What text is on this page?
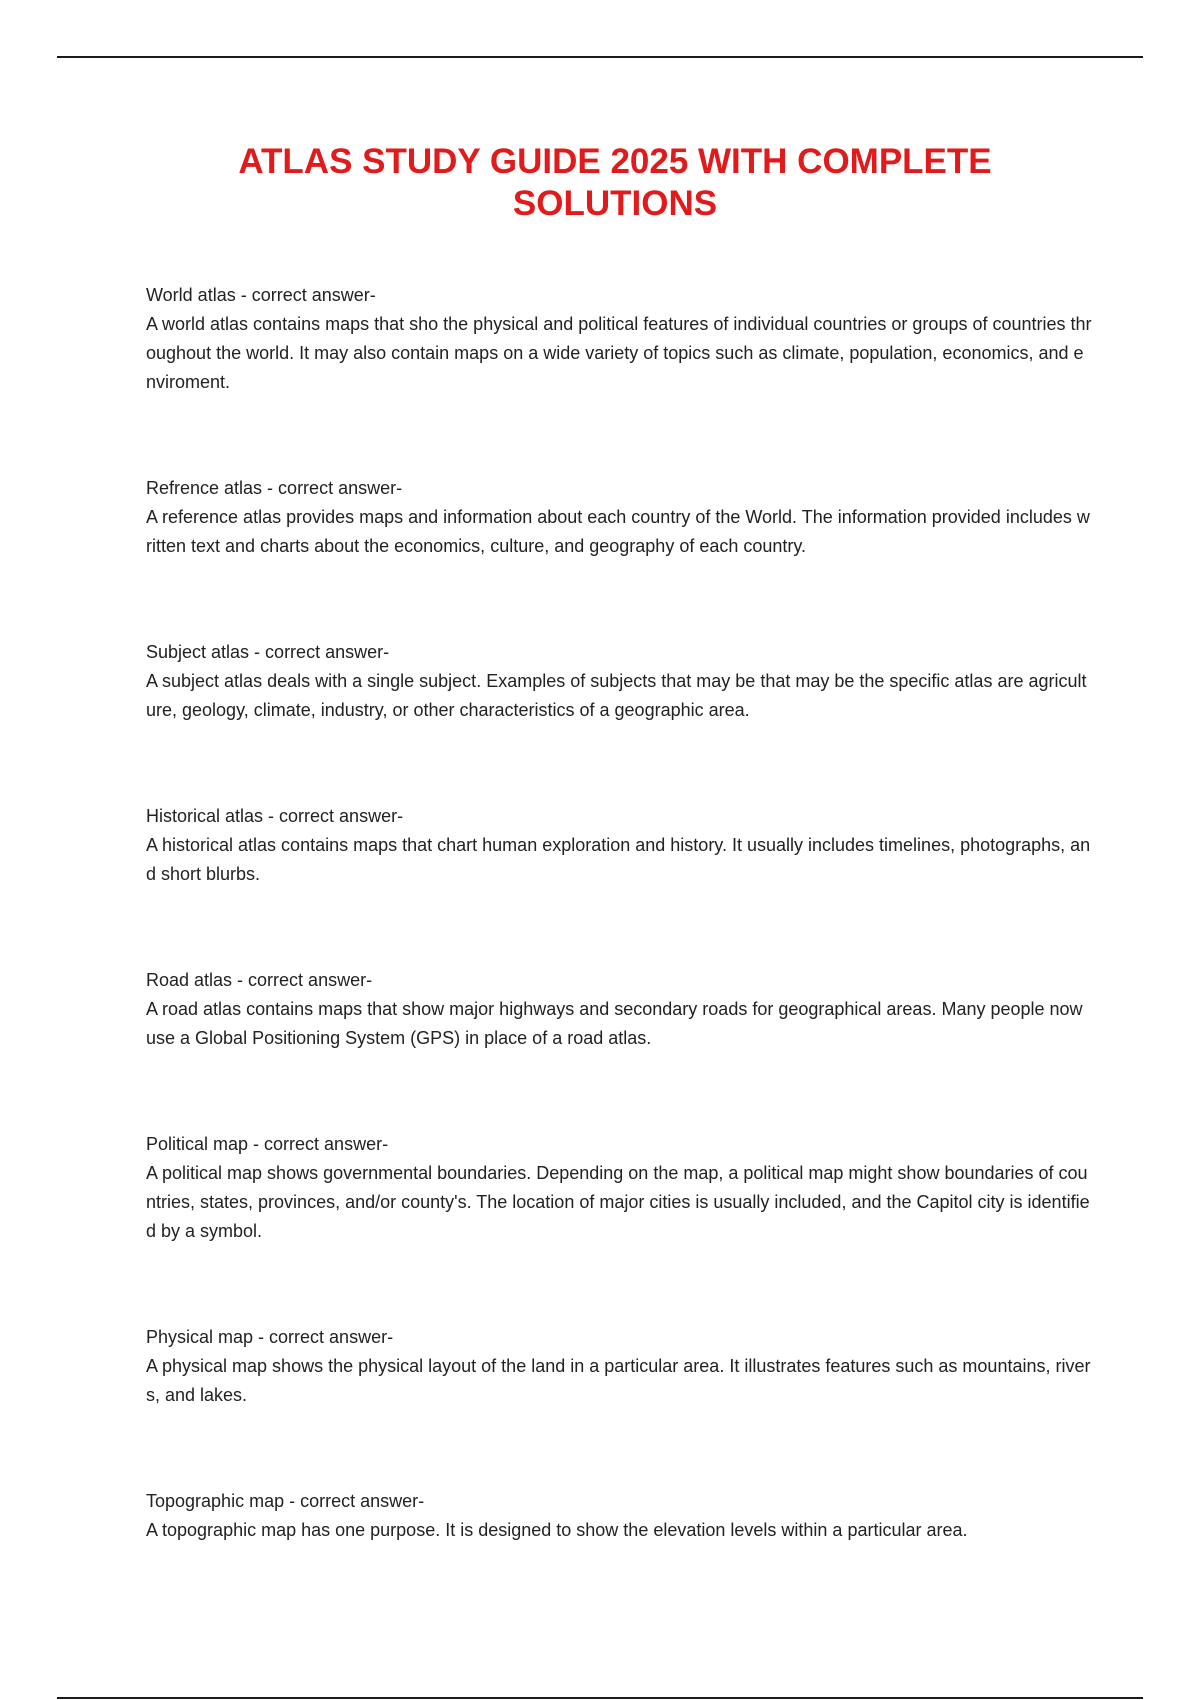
ATLAS STUDY GUIDE 2025 WITH COMPLETE SOLUTIONS

World atlas - correct answer-

A world atlas contains maps that sho the physical and political features of individual countries or groups of countries throughout the world. It may also contain maps on a wide variety of topics such as climate, population, economics, and enviroment.

Refrence atlas - correct answer-

A reference atlas provides maps and information about each country of the World. The information provided includes written text and charts about the economics, culture, and geography of each country.

Subject atlas - correct answer-

A subject atlas deals with a single subject. Examples of subjects that may be that may be the specific atlas are agriculture, geology, climate, industry, or other characteristics of a geographic area.

Historical atlas - correct answer-

A historical atlas contains maps that chart human exploration and history. It usually includes timelines, photographs, and short blurbs.

Road atlas - correct answer-

A road atlas contains maps that show major highways and secondary roads for geographical areas. Many people now use a Global Positioning System (GPS) in place of a road atlas.

Political map - correct answer-

A political map shows governmental boundaries. Depending on the map, a political map might show boundaries of countries, states, provinces, and/or county's. The location of major cities is usually included, and the Capitol city is identified by a symbol.

Physical map - correct answer-

A physical map shows the physical layout of the land in a particular area. It illustrates features such as mountains, rivers, and lakes.

Topographic map - correct answer-

A topographic map has one purpose. It is designed to show the elevation levels within a particular area.
